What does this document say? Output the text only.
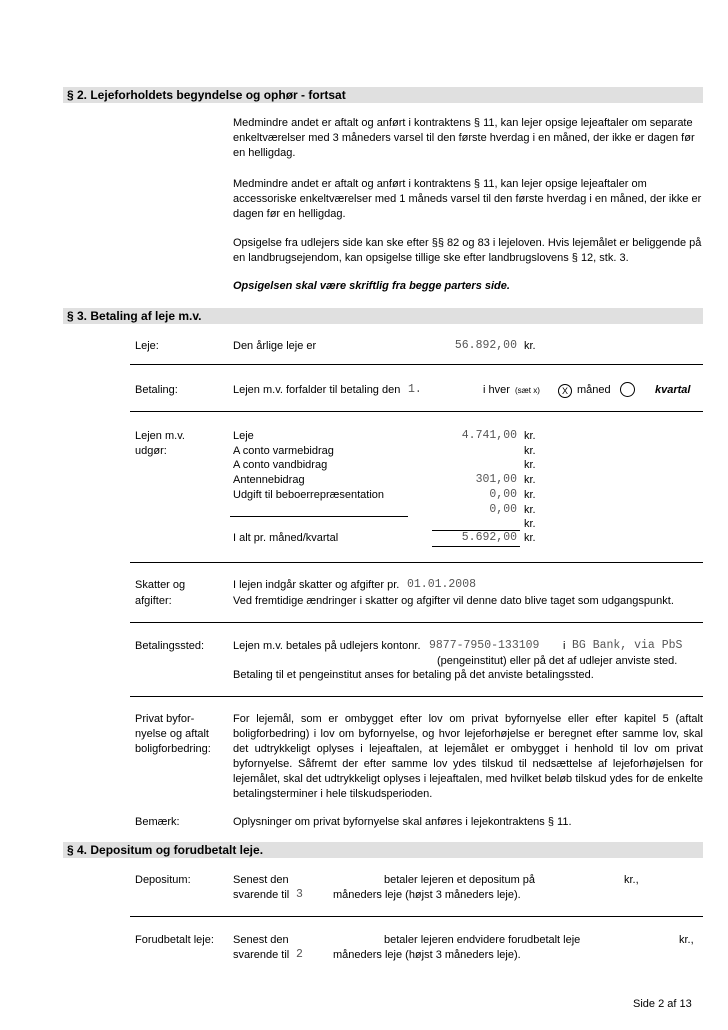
§ 2. Lejeforholdets begyndelse og ophør - fortsat
Medmindre andet er aftalt og anført i kontraktens § 11, kan lejer opsige lejeaftaler om separate enkeltværelser med 3 måneders varsel til den første hverdag i en måned, der ikke er dagen før en helligdag.
Medmindre andet er aftalt og anført i kontraktens § 11, kan lejer opsige lejeaftaler om accessoriske enkeltværelser med 1 måneds varsel til den første hverdag i en måned, der ikke er dagen før en helligdag.
Opsigelse fra udlejers side kan ske efter §§ 82 og 83 i lejeloven. Hvis lejemålet er beliggende på en landbrugsejendom, kan opsigelse tillige ske efter landbrugslovens § 12, stk. 3.
Opsigelsen skal være skriftlig fra begge parters side.
§ 3. Betaling af leje m.v.
Leje:	Den årlige leje er	56.892,00 kr.
Betaling:	Lejen m.v. forfalder til betaling den 1.	i hver (sæt x)	X måned	kvartal
Lejen m.v.
udgør:
Leje	4.741,00 kr.
A conto varmebidrag	kr.
A conto vandbidrag	kr.
Antennebidrag	301,00 kr.
Udgift til beboerrepræsentation	0,00 kr.
0,00 kr.
kr.
I alt pr. måned/kvartal	5.692,00 kr.
Skatter og
afgifter:
I lejen indgår skatter og afgifter pr. 01.01.2008
Ved fremtidige ændringer i skatter og afgifter vil denne dato blive taget som udgangspunkt.
Betalingssted:	Lejen m.v. betales på udlejers kontonr. 9877-7950-133109 i BG Bank, via PbS
(pengeinstitut) eller på det af udlejer anviste sted.
Betaling til et pengeinstitut anses for betaling på det anviste betalingssted.
Privat byfor-
nyelse og aftalt
boligforbedring:
For lejemål, som er ombygget efter lov om privat byfornyelse eller efter kapitel 5 (aftalt boligforbedring) i lov om byfornyelse, og hvor lejeforhøjelse er beregnet efter samme lov, skal det udtrykkeligt oplyses i lejeaftalen, at lejemålet er ombygget i henhold til lov om privat byfornyelse. Såfremt der efter samme lov ydes tilskud til nedsættelse af lejeforhøjelsen for lejemålet, skal det udtrykkeligt oplyses i lejeaftalen, med hvilket beløb tilskud ydes for de enkelte betalingsterminer i hele tilskudsperioden.
Bemærk:	Oplysninger om privat byfornyelse skal anføres i lejekontraktens § 11.
§ 4. Depositum og forudbetalt leje.
Depositum:	Senest den	betaler lejeren et depositum på	kr.,
svarende til 3	måneders leje (højst 3 måneders leje).
Forudbetalt leje: Senest den	betaler lejeren endvidere forudbetalt leje	kr.,
svarende til 2	måneders leje (højst 3 måneders leje).
Side 2 af 13
